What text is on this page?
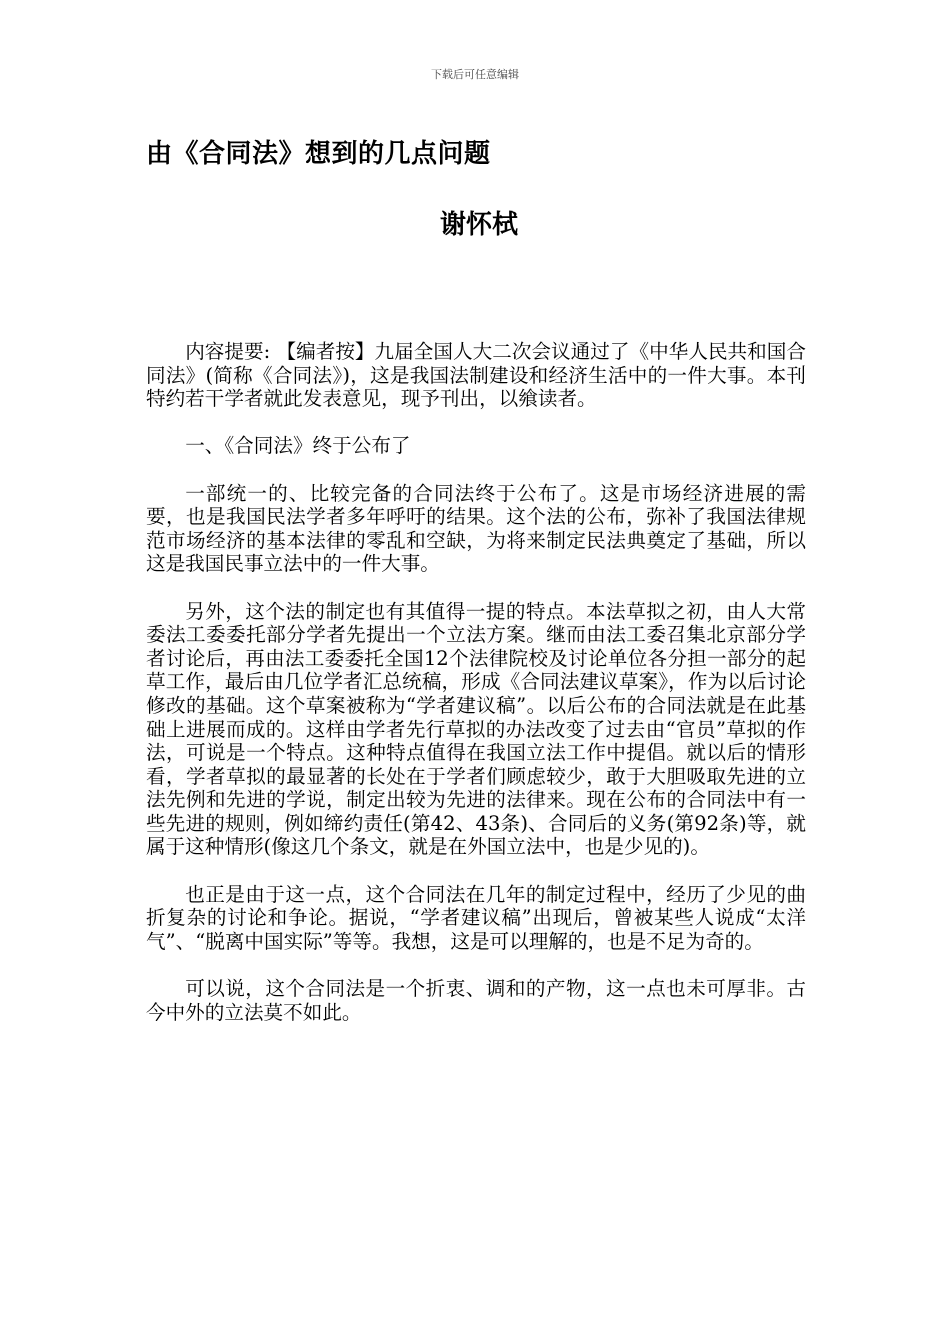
下载后可任意编辑
由《合同法》想到的几点问题
谢怀栻

内容提要: 【编者按】九届全国人大二次会议通过了《中华人民共和国合同法》(简称《合同法》)，这是我国法制建设和经济生活中的一件大事。本刊特约若干学者就此发表意见，现予刊出，以飨读者。

一、《合同法》终于公布了

一部统一的、比较完备的合同法终于公布了。这是市场经济进展的需要，也是我国民法学者多年呼吁的结果。这个法的公布，弥补了我国法律规范市场经济的基本法律的零乱和空缺，为将来制定民法典奠定了基础，所以这是我国民事立法中的一件大事。

另外，这个法的制定也有其值得一提的特点。本法草拟之初，由人大常委法工委委托部分学者先提出一个立法方案。继而由法工委召集北京部分学者讨论后，再由法工委委托全国12个法律院校及讨论单位各分担一部分的起草工作，最后由几位学者汇总统稿，形成《合同法建议草案》，作为以后讨论修改的基础。这个草案被称为“学者建议稿”。以后公布的合同法就是在此基础上进展而成的。这样由学者先行草拟的办法改变了过去由“官员”草拟的作法，可说是一个特点。这种特点值得在我国立法工作中提倡。就以后的情形看，学者草拟的最显著的长处在于学者们顾虑较少，敢于大胆吸取先进的立法先例和先进的学说，制定出较为先进的法律来。现在公布的合同法中有一些先进的规则，例如缔约责任(第42、43条)、合同后的义务(第92条)等，就属于这种情形(像这几个条文，就是在外国立法中，也是少见的)。

也正是由于这一点，这个合同法在几年的制定过程中，经历了少见的曲折复杂的讨论和争论。据说，“学者建议稿”出现后，曾被某些人说成“太洋气”、“脱离中国实际”等等。我想，这是可以理解的，也是不足为奇的。

可以说，这个合同法是一个折衷、调和的产物，这一点也未可厚非。古今中外的立法莫不如此。
